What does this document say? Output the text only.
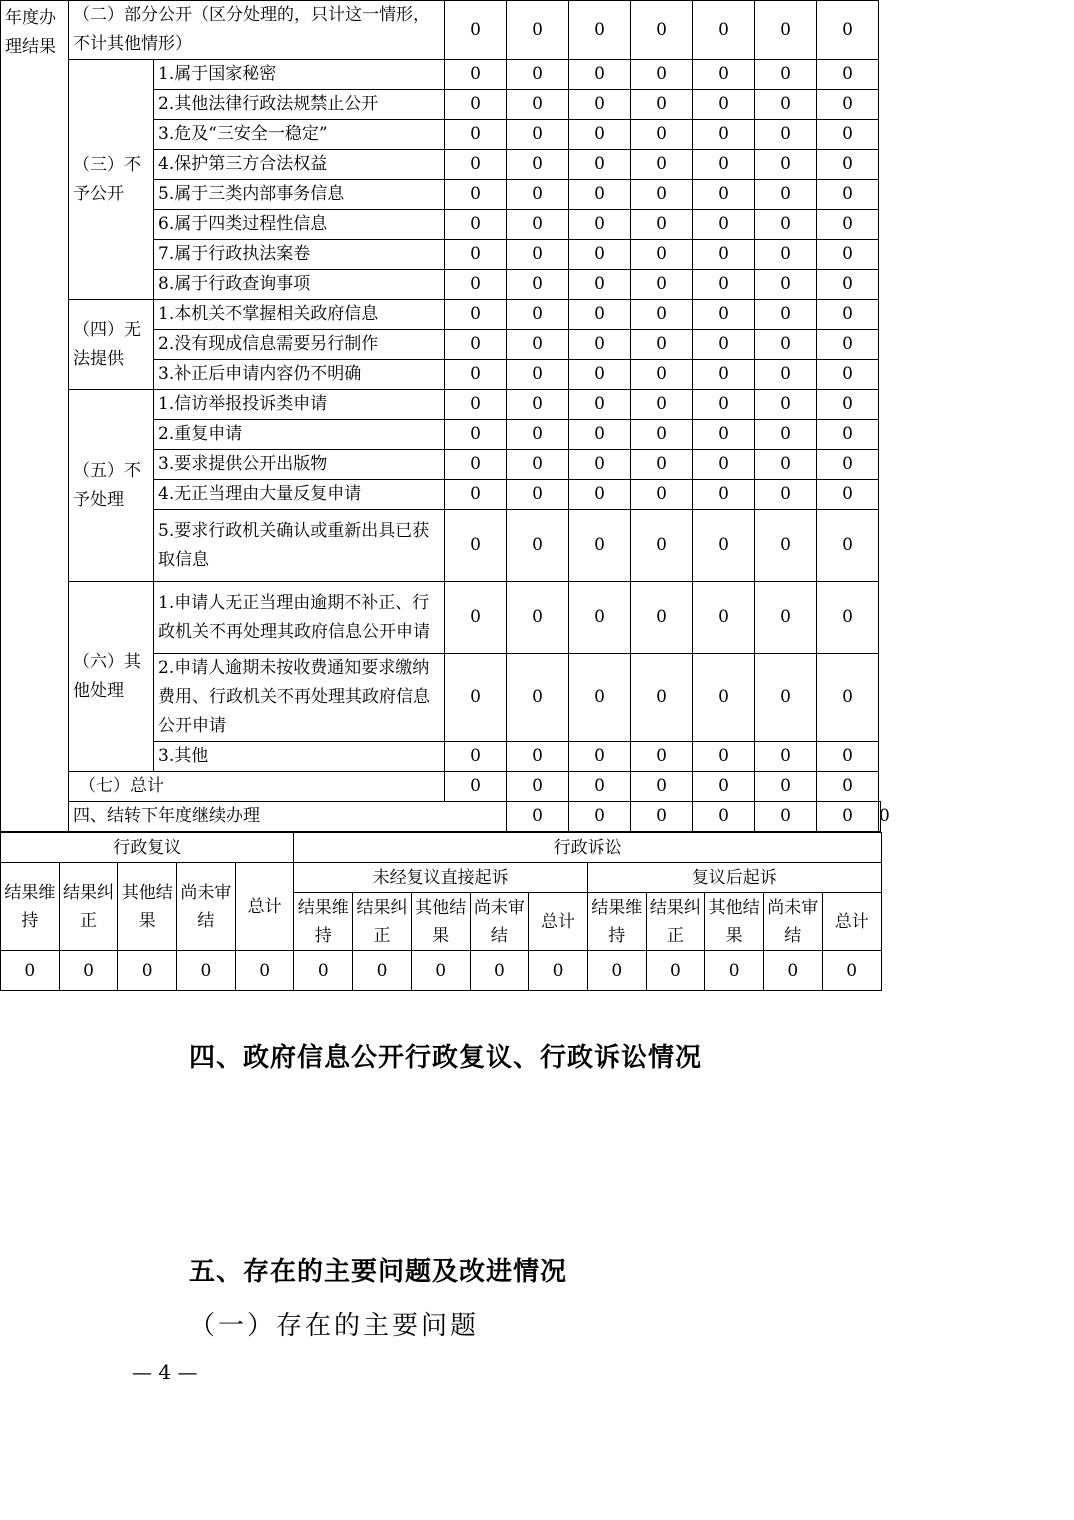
年度办理结果	（二）部分公开（区分处理的，只计这一情形，不计其他情形）		0	0	0	0	0	0	0	
	（三）不予公开	1.属于国家秘密	0	0	0	0	0	0	0	
		2.其他法律行政法规禁止公开	0	0	0	0	0	0	0	
		3.危及“三安全一稳定”	0	0	0	0	0	0	0	
		4.保护第三方合法权益	0	0	0	0	0	0	0	
		5.属于三类内部事务信息	0	0	0	0	0	0	0	
		6.属于四类过程性信息	0	0	0	0	0	0	0	
		7.属于行政执法案卷	0	0	0	0	0	0	0	
		8.属于行政查询事项	0	0	0	0	0	0	0	
	（四）无法提供	1.本机关不掌握相关政府信息	0	0	0	0	0	0	0	
		2.没有现成信息需要另行制作	0	0	0	0	0	0	0	
		3.补正后申请内容仍不明确	0	0	0	0	0	0	0	
	（五）不予处理	1.信访举报投诉类申请	0	0	0	0	0	0	0	
		2.重复申请	0	0	0	0	0	0	0	
		3.要求提供公开出版物	0	0	0	0	0	0	0	
		4.无正当理由大量反复申请	0	0	0	0	0	0	0	
		5.要求行政机关确认或重新出具已获取信息	0	0	0	0	0	0	0	
	（六）其他处理	1.申请人无正当理由逾期不补正、行政机关不再处理其政府信息公开申请	0	0	0	0	0	0	0	
		2.申请人逾期未按收费通知要求缴纳费用、行政机关不再处理其政府信息公开申请	0	0	0	0	0	0	0	
		3.其他	0	0	0	0	0	0	0	
	（七）总计		0	0	0	0	0	0	0	
	四、结转下年度继续办理			0	0	0	0	0	0	0
四、政府信息公开行政复议、行政诉讼情况
行政复议					行政诉讼									
结果维持	结果纠正	其他结果	尚未审结	总计	未经复议直接起诉					复议后起诉				
					结果维持	结果纠正	其他结果	尚未审结	总计	结果维持	结果纠正	其他结果	尚未审结	总计
0	0	0	0	0	0	0	0	0	0	0	0	0	0	0
五、存在的主要问题及改进情况
（一）存在的主要问题
— 4 —
